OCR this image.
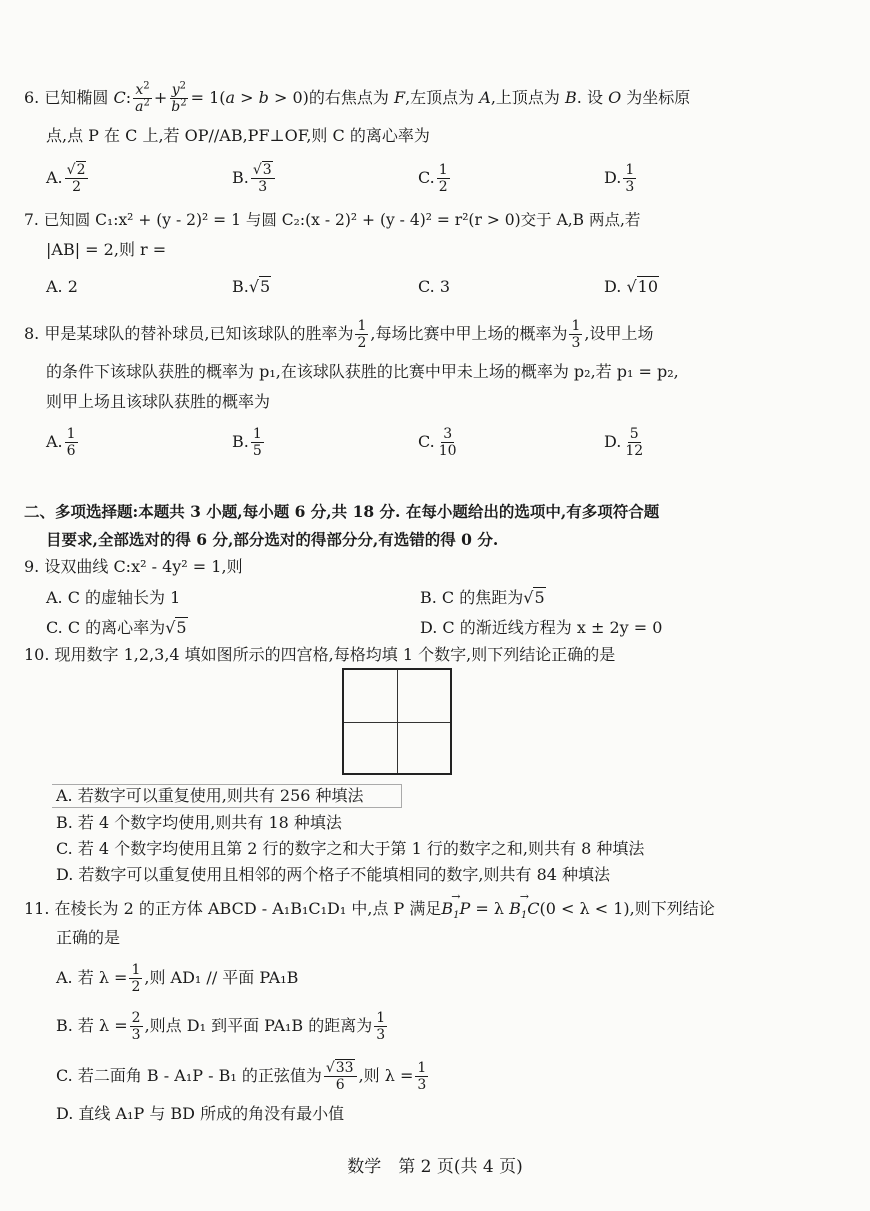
6. 已知椭圆 C: $\frac{x^2}{a^2} + \frac{y^2}{b^2} = 1(a > b > 0)$的右焦点为 F,左顶点为 A,上顶点为 B. 设 O 为坐标原
点,点 P 在 C 上,若 OP//AB,PF⊥OF,则 C 的离心率为
A. $\frac{√2}{2}$	B. $\frac{√3}{3}$	C. $\frac{1}{2}$	D. $\frac{1}{3}$
7. 已知圆 C₁:x² + (y - 2)² = 1 与圆 C₂:(x - 2)² + (y - 4)² = r²(r > 0)交于 A,B 两点,若
|AB| = 2,则 r =
A. 2	B.√5	C. 3	D. √10
8. 甲是某球队的替补球员,已知该球队的胜率为 $\frac{1}{2}$ ,每场比赛中甲上场的概率为 $\frac{1}{3}$ ,设甲上场
的条件下该球队获胜的概率为 p₁,在该球队获胜的比赛中甲未上场的概率为 p₂,若 p₁ = p₂,
则甲上场且该球队获胜的概率为
A. $\frac{1}{6}$	B. $\frac{1}{5}$	C. $\frac{3}{10}$	D. $\frac{5}{12}$
二、多项选择题:本题共 3 小题,每小题 6 分,共 18 分. 在每小题给出的选项中,有多项符合题
目要求,全部选对的得 6 分,部分选对的得部分分,有选错的得 0 分.
9. 设双曲线 C:x² - 4y² = 1,则
A. C 的虚轴长为 1	B. C 的焦距为√5
C. C 的离心率为√5	D. C 的渐近线方程为 x ± 2y = 0
10. 现用数字 1,2,3,4 填如图所示的四宫格,每格均填 1 个数字,则下列结论正确的是
A. 若数字可以重复使用,则共有 256 种填法
B. 若 4 个数字均使用,则共有 18 种填法
C. 若 4 个数字均使用且第 2 行的数字之和大于第 1 行的数字之和,则共有 8 种填法
D. 若数字可以重复使用且相邻的两个格子不能填相同的数字,则共有 84 种填法
11. 在棱长为 2 的正方体 ABCD - A₁B₁C₁D₁ 中,点 P 满足→ $B_1P = \lambda \to B_1C(0 < \lambda < 1)$,则下列结论
正确的是
A. 若 $\lambda = \frac{1}{2}$ ,则 AD₁ // 平面 PA₁B
B. 若 $\lambda = \frac{2}{3}$ ,则点 D₁ 到平面 PA₁B 的距离为 $\frac{1}{3}$
C. 若二面角 B - A₁P - B₁ 的正弦值为 $\frac{√33}{6}$ ,则 $\lambda = \frac{1}{3}$
D. 直线 A₁P 与 BD 所成的角没有最小值
数学　第 2 页(共 4 页)
